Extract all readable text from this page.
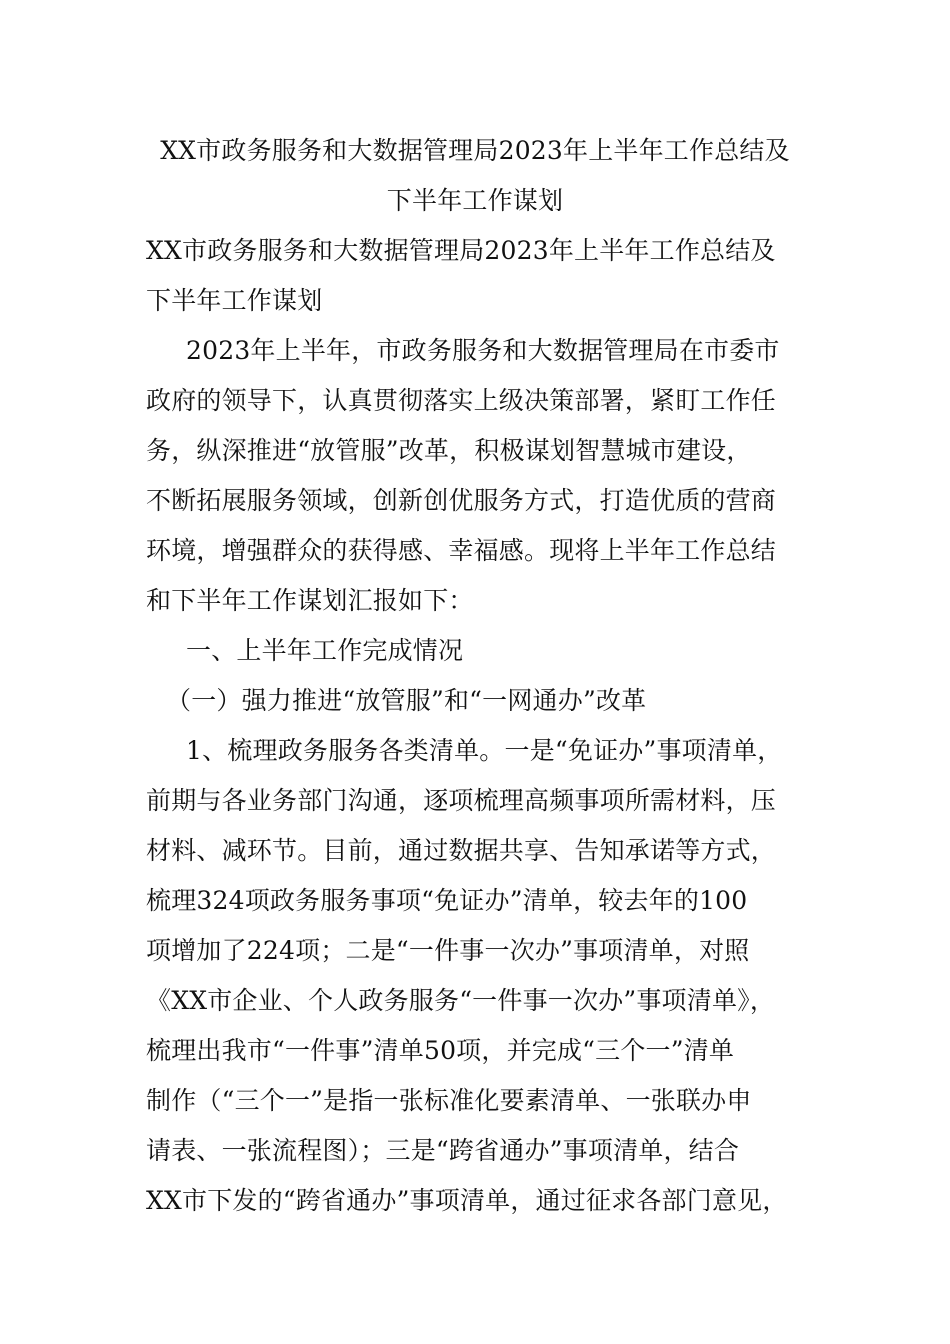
XX市政务服务和大数据管理局2023年上半年工作总结及
下半年工作谋划
XX市政务服务和大数据管理局2023年上半年工作总结及
下半年工作谋划
2023年上半年，市政务服务和大数据管理局在市委市
政府的领导下，认真贯彻落实上级决策部署，紧盯工作任
务，纵深推进“放管服”改革，积极谋划智慧城市建设，
不断拓展服务领域，创新创优服务方式，打造优质的营商
环境，增强群众的获得感、幸福感。现将上半年工作总结
和下半年工作谋划汇报如下：
一、上半年工作完成情况
（一）强力推进“放管服”和“一网通办”改革
1、梳理政务服务各类清单。一是“免证办”事项清单，
前期与各业务部门沟通，逐项梳理高频事项所需材料，压
材料、减环节。目前，通过数据共享、告知承诺等方式，
梳理324项政务服务事项“免证办”清单，较去年的100
项增加了224项；二是“一件事一次办”事项清单，对照
《XX市企业、个人政务服务“一件事一次办”事项清单》，
梳理出我市“一件事”清单50项，并完成“三个一”清单
制作（“三个一”是指一张标准化要素清单、一张联办申
请表、一张流程图）；三是“跨省通办”事项清单，结合
XX市下发的“跨省通办”事项清单，通过征求各部门意见，
